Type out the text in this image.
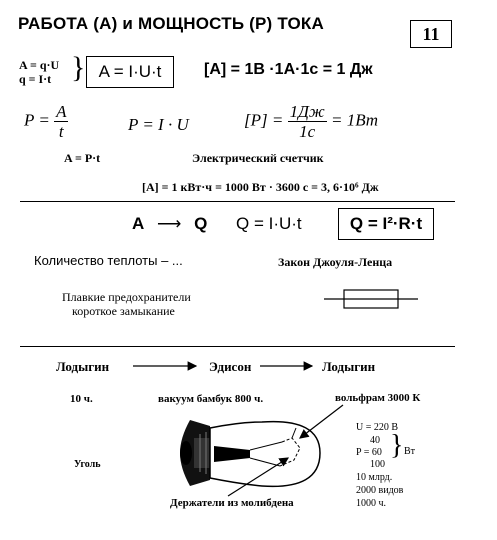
РАБОТА (А) и МОЩНОСТЬ (Р) ТОКА
11
A = q·U
q = I·t } A = I·U·t	[A] = 1В ·1А·1с = 1 Дж
$P = \frac{A}{t}$	P = I · U	$[P] = \frac{1Дж}{1с} = 1Вт$
A = P·t	Электрический счетчик
[A] = 1 кВт·ч = 1000 Вт · 3600 с = 3, 6·10⁶ Дж
A ⟶ Q Q = I·U·t	Q = I²·R·t
Количество теплоты – ...	Закон Джоуля-Ленца
Плавкие предохранители
короткое замыкание
Лодыгин	Эдисон	Лодыгин
10 ч.	вакуум бамбук 800 ч.	вольфрам 3000 К
Уголь
Держатели из молибдена
U = 220 В
40
P = 60
100
} Вт
10 млрд.
2000 видов
1000 ч.
